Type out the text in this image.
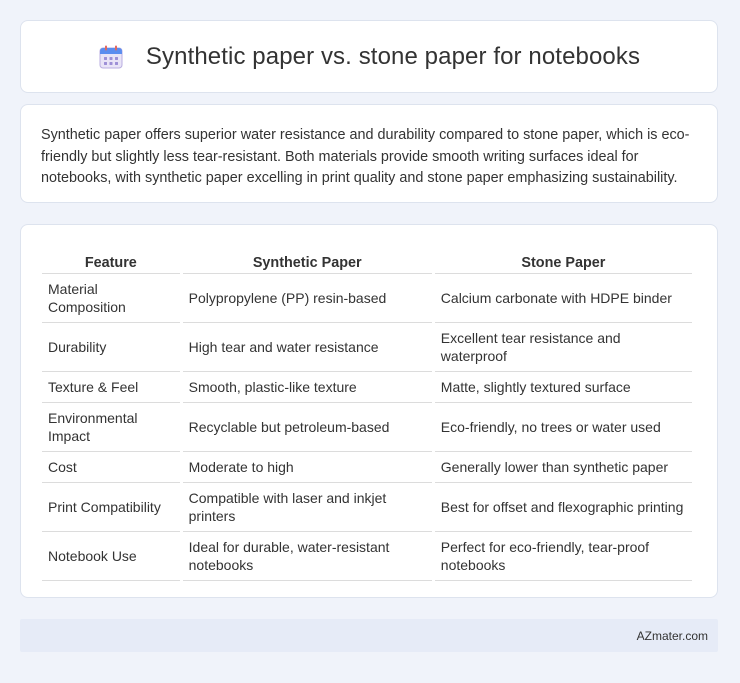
Synthetic paper vs. stone paper for notebooks

Synthetic paper offers superior water resistance and durability compared to stone paper, which is eco-friendly but slightly less tear-resistant. Both materials provide smooth writing surfaces ideal for notebooks, with synthetic paper excelling in print quality and stone paper emphasizing sustainability.

Feature	Synthetic Paper	Stone Paper
Material Composition	Polypropylene (PP) resin-based	Calcium carbonate with HDPE binder
Durability	High tear and water resistance	Excellent tear resistance and waterproof
Texture & Feel	Smooth, plastic-like texture	Matte, slightly textured surface
Environmental Impact	Recyclable but petroleum-based	Eco-friendly, no trees or water used
Cost	Moderate to high	Generally lower than synthetic paper
Print Compatibility	Compatible with laser and inkjet printers	Best for offset and flexographic printing
Notebook Use	Ideal for durable, water-resistant notebooks	Perfect for eco-friendly, tear-proof notebooks
AZmater.com
